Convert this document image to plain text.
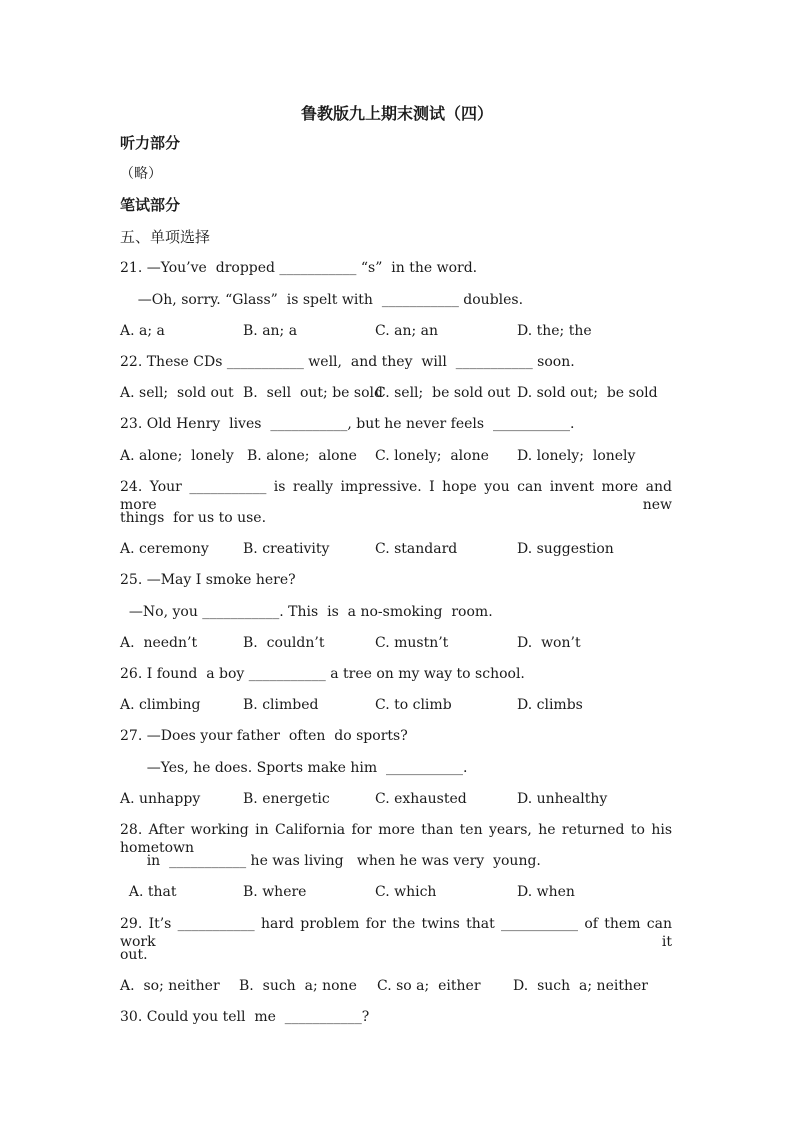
鲁教版九上期末测试（四）
听力部分
（略）
笔试部分
五、单项选择
21. —You’ve  dropped ___________ “s”  in the word.
—Oh, sorry. “Glass”  is spelt with  ___________ doubles.
A. a; a	B. an; a	C. an; an	D. the; the
22. These CDs ___________ well,  and they  will  ___________ soon.
A. sell;  sold out B.  sell  out; be sold
C. sell;  be sold out D. sold out;  be sold
23. Old Henry  lives  ___________, but he never feels  ___________.
A. alone;  lonely B. alone;  alone C. lonely;  alone D. lonely;  lonely
24. Your ___________ is really impressive. I hope you can invent more and more new
things  for us to use.
A. ceremony B. creativity	C. standard	D. suggestion
25. —May I smoke here?
—No, you ___________. This  is  a no-smoking  room.
A.  needn’t	B.  couldn’t	C. mustn’t	D.  won’t
26. I found  a boy ___________ a tree on my way to school.
A. climbing	B. climbed	C. to climb	D. climbs
27. —Does your father  often  do sports?
—Yes, he does. Sports make him  ___________.
A. unhappy	B. energetic	C. exhausted	D. unhealthy
28. After working in California for more than ten years, he returned to his hometown
in  ___________ he was living   when he was very  young.
A. that	B. where	C. which	D. when
29. It’s ___________ hard problem for the twins that ___________ of them can work it
out.
A.  so; neither B.  such  a; none C. so a;  either D.  such  a; neither
30. Could you tell  me  ___________?
